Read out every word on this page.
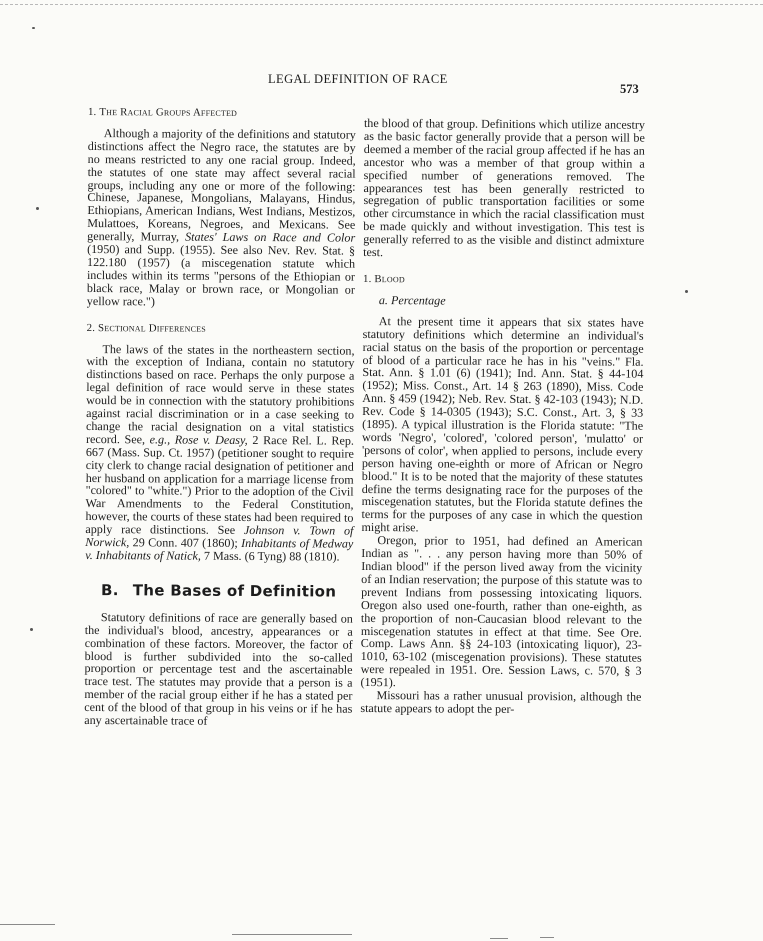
LEGAL DEFINITION OF RACE
573

1. The Racial Groups Affected

Although a majority of the definitions and statutory distinctions affect the Negro race, the statutes are by no means restricted to any one racial group. Indeed, the statutes of one state may affect several racial groups, including any one or more of the following: Chinese, Japanese, Mongolians, Malayans, Hindus, Ethiopians, American Indians, West Indians, Mestizos, Mulattoes, Koreans, Negroes, and Mexicans. See generally, Murray, States' Laws on Race and Color (1950) and Supp. (1955). See also Nev. Rev. Stat. § 122.180 (1957) (a miscegenation statute which includes within its terms "persons of the Ethiopian or black race, Malay or brown race, or Mongolian or yellow race.")

2. Sectional Differences

The laws of the states in the northeastern section, with the exception of Indiana, contain no statutory distinctions based on race. Perhaps the only purpose a legal definition of race would serve in these states would be in connection with the statutory prohibitions against racial discrimination or in a case seeking to change the racial designation on a vital statistics record. See, e.g., Rose v. Deasy, 2 Race Rel. L. Rep. 667 (Mass. Sup. Ct. 1957) (petitioner sought to require city clerk to change racial designation of petitioner and her husband on application for a marriage license from "colored" to "white.") Prior to the adoption of the Civil War Amendments to the Federal Constitution, however, the courts of these states had been required to apply race distinctions. See Johnson v. Town of Norwick, 29 Conn. 407 (1860); Inhabitants of Medway v. Inhabitants of Natick, 7 Mass. (6 Tyng) 88 (1810).

B. The Bases of Definition

Statutory definitions of race are generally based on the individual's blood, ancestry, appearances or a combination of these factors. Moreover, the factor of blood is further subdivided into the so-called proportion or percentage test and the ascertainable trace test. The statutes may provide that a person is a member of the racial group either if he has a stated per cent of the blood of that group in his veins or if he has any ascertainable trace of

the blood of that group. Definitions which utilize ancestry as the basic factor generally provide that a person will be deemed a member of the racial group affected if he has an ancestor who was a member of that group within a specified number of generations removed. The appearances test has been generally restricted to segregation of public transportation facilities or some other circumstance in which the racial classification must be made quickly and without investigation. This test is generally referred to as the visible and distinct admixture test.

1. Blood

a. Percentage

At the present time it appears that six states have statutory definitions which determine an individual's racial status on the basis of the proportion or percentage of blood of a particular race he has in his "veins." Fla. Stat. Ann. § 1.01 (6) (1941); Ind. Ann. Stat. § 44-104 (1952); Miss. Const., Art. 14 § 263 (1890), Miss. Code Ann. § 459 (1942); Neb. Rev. Stat. § 42-103 (1943); N.D. Rev. Code § 14-0305 (1943); S.C. Const., Art. 3, § 33 (1895). A typical illustration is the Florida statute: "The words 'Negro', 'colored', 'colored person', 'mulatto' or 'persons of color', when applied to persons, include every person having one-eighth or more of African or Negro blood." It is to be noted that the majority of these statutes define the terms designating race for the purposes of the miscegenation statutes, but the Florida statute defines the terms for the purposes of any case in which the question might arise.

Oregon, prior to 1951, had defined an American Indian as ". . . any person having more than 50% of Indian blood" if the person lived away from the vicinity of an Indian reservation; the purpose of this statute was to prevent Indians from possessing intoxicating liquors. Oregon also used one-fourth, rather than one-eighth, as the proportion of non-Caucasian blood relevant to the miscegenation statutes in effect at that time. See Ore. Comp. Laws Ann. §§ 24-103 (intoxicating liquor), 23-1010, 63-102 (miscegenation provisions). These statutes were repealed in 1951. Ore. Session Laws, c. 570, § 3 (1951).

Missouri has a rather unusual provision, although the statute appears to adopt the per-
